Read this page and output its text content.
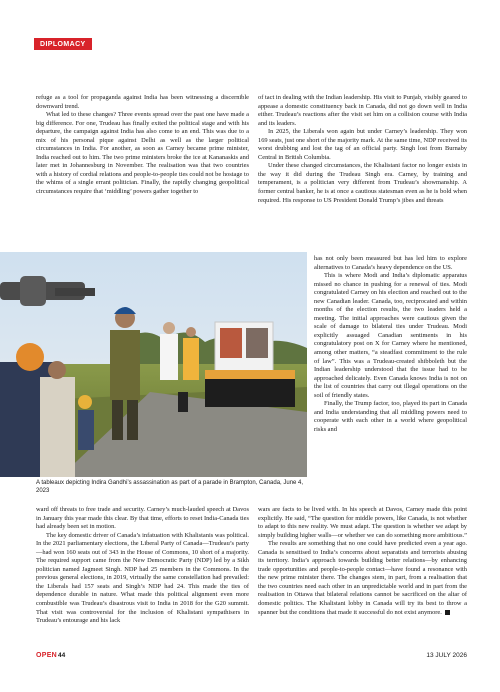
DIPLOMACY

refuge as a tool for propaganda against India has been witnessing a discernible downward trend.

What led to these changes? Three events spread over the past one have made a big difference. For one, Trudeau has finally exited the political stage and with his departure, the campaign against India has also come to an end. This was due to a mix of his personal pique against Delhi as well as the larger political circumstances in India. For another, as soon as Carney became prime minister, India reached out to him. The two prime ministers broke the ice at Kananaskis and later met in Johannesburg in November. The realisation was that two countries with a history of cordial relations and people-to-people ties could not be hostage to the whims of a single errant politician. Finally, the rapidly changing geopolitical circumstances require that ‘middling’ powers gather together to

of tact in dealing with the Indian leadership. His visit to Punjab, visibly geared to appease a domestic constituency back in Canada, did not go down well in India either. Trudeau’s reactions after the visit set him on a collision course with India and its leaders.

In 2025, the Liberals won again but under Carney’s leadership. They won 169 seats, just one short of the majority mark. At the same time, NDP received its worst drubbing and lost the tag of an official party. Singh lost from Burnaby Central in British Columbia.

Under these changed circumstances, the Khalistani factor no longer exists in the way it did during the Trudeau Singh era. Carney, by training and temperament, is a politician very different from Trudeau’s showmanship. A former central banker, he is at once a cautious statesman even as he is bold when required. His response to US President Donald Trump’s jibes and threats

has not only been measured but has led him to explore alternatives to Canada’s heavy dependence on the US.

This is where Modi and India’s diplomatic apparatus missed no chance in pushing for a renewal of ties. Modi congratulated Carney on his election and reached out to the new Canadian leader. Canada, too, reciprocated and within months of the election results, the two leaders held a meeting. The initial approaches were cautious given the scale of damage to bilateral ties under Trudeau. Modi explicitly assuaged Canadian sentiments in his congratulatory post on X for Carney where he mentioned, among other matters, “a steadfast commitment to the rule of law”. This was a Trudeau-created shibboleth but the Indian leadership understood that the issue had to be approached delicately. Even Canada knows India is not on the list of countries that carry out illegal operations on the soil of friendly states.

Finally, the Trump factor, too, played its part in Canada and India understanding that all middling powers need to cooperate with each other in a world where geopolitical risks and

A tableaux depicting Indira Gandhi’s assassination as part of a parade in Brampton, Canada, June 4, 2023

ward off threats to free trade and security. Carney’s much-lauded speech at Davos in January this year made this clear. By that time, efforts to reset India-Canada ties had already been set in motion.

The key domestic driver of Canada’s infatuation with Khalistanis was political. In the 2021 parliamentary elections, the Liberal Party of Canada—Trudeau’s party—had won 160 seats out of 343 in the House of Commons, 10 short of a majority. The required support came from the New Democratic Party (NDP) led by a Sikh politician named Jagmeet Singh. NDP had 25 members in the Commons. In the previous general elections, in 2019, virtually the same constellation had prevailed: the Liberals had 157 seats and Singh’s NDP had 24. This made the ties of dependence durable in nature. What made this political alignment even more combustible was Trudeau’s disastrous visit to India in 2018 for the G20 summit. That visit was controversial for the inclusion of Khalistani sympathisers in Trudeau’s entourage and his lack

wars are facts to be lived with. In his speech at Davos, Carney made this point explicitly. He said, “The question for middle powers, like Canada, is not whether to adapt to this new reality. We must adapt. The question is whether we adapt by simply building higher walls—or whether we can do something more ambitious.”

The results are something that no one could have predicted even a year ago. Canada is sensitised to India’s concerns about separatists and terrorists abusing its territory. India’s approach towards building better relations—by enhancing trade opportunities and people-to-people contact—have found a resonance with the new prime minister there. The changes stem, in part, from a realisation that the two countries need each other in an unpredictable world and in part from the realisation in Ottawa that bilateral relations cannot be sacrificed on the altar of domestic politics. The Khalistani lobby in Canada will try its best to throw a spanner but the conditions that made it successful do not exist anymore.

OPEN 44	13 JULY 2026
